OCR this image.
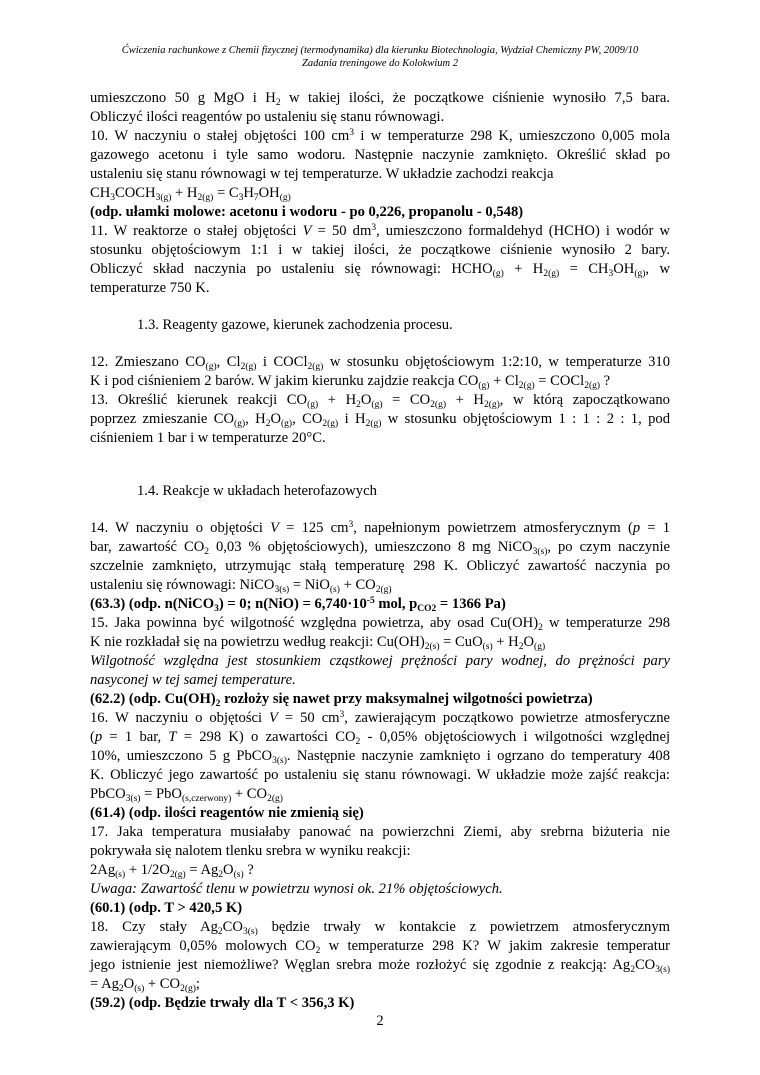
Ćwiczenia rachunkowe z Chemii fizycznej (termodynamika) dla kierunku Biotechnologia, Wydział Chemiczny PW, 2009/10
Zadania treningowe do Kolokwium 2
umieszczono 50 g MgO i $H_2$ w takiej ilości, że początkowe ciśnienie wynosiło 7,5 bara.
Obliczyć ilości reagentów po ustaleniu się stanu równowagi.
10. W naczyniu o stałej objętości 100 $cm^3$ i w temperaturze 298 K, umieszczono 0,005 mola
gazowego acetonu i tyle samo wodoru. Następnie naczynie zamknięto. Określić skład po
ustaleniu się stanu równowagi w tej temperaturze. W układzie zachodzi reakcja
$CH_3COCH_{3(g)} + H_{2(g)} = C_3H_7OH_{(g)}$
(odp. ułamki molowe: acetonu i wodoru - po 0,226, propanolu - 0,548)
11. W reaktorze o stałej objętości V = 50 $dm^3$, umieszczono formaldehyd (HCHO) i wodór w
stosunku objętościowym 1:1 i w takiej ilości, że początkowe ciśnienie wynosiło 2 bary.
Obliczyć skład naczynia po ustaleniu się równowagi: $HCHO_{(g)} + H_{2(g)} = CH_3OH_{(g)}$, w
temperaturze 750 K.
1.3. Reagenty gazowe, kierunek zachodzenia procesu.
12. Zmieszano $CO_{(g)}$, $Cl_{2(g)}$ i COCl$_{2(g)}$ w stosunku objętościowym 1:2:10, w temperaturze 310
K i pod ciśnieniem 2 barów. W jakim kierunku zajdzie reakcja $CO_{(g)} + Cl_{2(g)}$ = COCl$_{2(g)}$ ?
13. Określić kierunek reakcji $CO_{(g)} + H_2O_{(g)} = CO_{2(g)} + H_{2(g)}$, w którą zapoczątkowano
poprzez zmieszanie $CO_{(g)}$, $H_2O_{(g)}$, $CO_{2(g)}$ i $H_{2(g)}$ w stosunku objętościowym 1 : 1 : 2 : 1, pod
ciśnieniem 1 bar i w temperaturze 20°C.
1.4. Reakcje w układach heterofazowych
14. W naczyniu o objętości V = 125 $cm^3$, napełnionym powietrzem atmosferycznym (p = 1
bar, zawartość $CO_2$ 0,03 % objętościowych), umieszczono 8 mg NiCO$_{3(s)}$, po czym naczynie
szczelnie zamknięto, utrzymując stałą temperaturę 298 K. Obliczyć zawartość naczynia po
ustaleniu się równowagi: NiCO$_{3(s)}$ = $NiO_{(s)} + CO_{2(g)}$
(63.3) (odp. n(NiCO$_3$) = 0; $n(NiO) = 6,740\cdot 10^{-5}$ mol, $p_{CO2} = 1366$ Pa)
15. Jaka powinna być wilgotność względna powietrza, aby osad $Cu(OH)_2$ w temperaturze 298
K nie rozkładał się na powietrzu według reakcji: $Cu(OH)_{2(s)} = CuO_{(s)} + H_2O_{(g)}$
Wilgotność względna jest stosunkiem cząstkowej prężności pary wodnej, do prężności pary
nasyconej w tej samej temperature.
(62.2) (odp. $Cu(OH)_2$ rozłoży się nawet przy maksymalnej wilgotności powietrza)
16. W naczyniu o objętości V = 50 $cm^3$, zawierającym początkowo powietrze atmosferyczne
(p = 1 bar, T = 298 K) o zawartości $CO_2 - 0,05\%$ objętościowych i wilgotności względnej
10%, umieszczono 5 g PbCO$_{3(s)}$. Następnie naczynie zamknięto i ogrzano do temperatury 408
K. Obliczyć jego zawartość po ustaleniu się stanu równowagi. W układzie może zajść reakcja:
PbCO$_{3(s)}$ = $PbO_{(s,czerwony)} + CO_{2(g)}$
(61.4) (odp. ilości reagentów nie zmienią się)
17. Jaka temperatura musiałaby panować na powierzchni Ziemi, aby srebrna biżuteria nie
pokrywała się nalotem tlenku srebra w wyniku reakcji:
$2Ag_{(s)} + 1/2O_{2(g)} = Ag_2O_{(s)}$ ?
Uwaga: Zawartość tlenu w powietrzu wynosi ok. 21% objętościowych.
(60.1) (odp. T > 420,5 K)
18. Czy stały $Ag_2CO_{3(s)}$ będzie trwały w kontakcie z powietrzem atmosferycznym
zawierającym 0,05% molowych $CO_2$ w temperaturze 298 K? W jakim zakresie temperatur
jego istnienie jest niemożliwe? Węglan srebra może rozłożyć się zgodnie z reakcją: $Ag_2CO_{3(s)}$
= $Ag_2O_{(s)} + CO_{2(g)}$;
(59.2) (odp. Będzie trwały dla T < 356,3 K)
2
